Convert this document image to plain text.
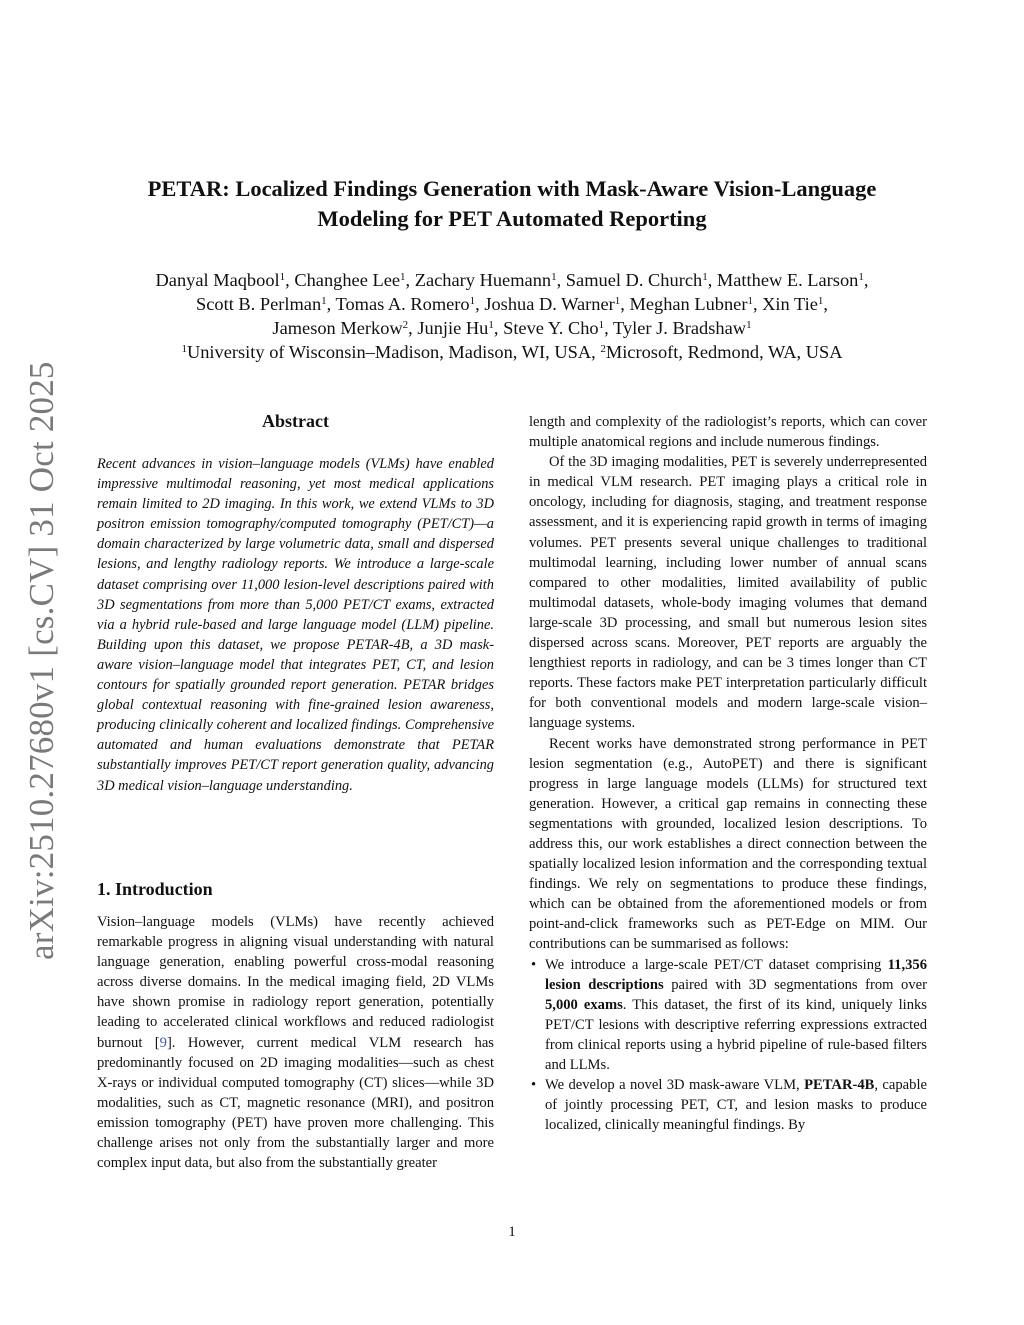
arXiv:2510.27680v1 [cs.CV] 31 Oct 2025
PETAR: Localized Findings Generation with Mask-Aware Vision-Language
Modeling for PET Automated Reporting
Danyal Maqbool$^1$, Changhee Lee$^1$, Zachary Huemann$^1$, Samuel D. Church$^1$, Matthew E. Larson$^1$,
Scott B. Perlman$^1$, Tomas A. Romero$^1$, Joshua D. Warner$^1$, Meghan Lubner$^1$, Xin Tie$^1$,
Jameson Merkow$^2$, Junjie Hu$^1$, Steve Y. Cho$^1$, Tyler J. Bradshaw$^1$
$^1$University of Wisconsin–Madison, Madison, WI, USA, $^2$Microsoft, Redmond, WA, USA
Abstract
Recent advances in vision–language models (VLMs) have enabled impressive multimodal reasoning, yet most medical applications remain limited to 2D imaging. In this work, we extend VLMs to 3D positron emission tomography/computed tomography (PET/CT)—a domain characterized by large volumetric data, small and dispersed lesions, and lengthy radiology reports. We introduce a large-scale dataset comprising over 11,000 lesion-level descriptions paired with 3D segmentations from more than 5,000 PET/CT exams, extracted via a hybrid rule-based and large language model (LLM) pipeline. Building upon this dataset, we propose PETAR-4B, a 3D mask-aware vision–language model that integrates PET, CT, and lesion contours for spatially grounded report generation. PETAR bridges global contextual reasoning with fine-grained lesion awareness, producing clinically coherent and localized findings. Comprehensive automated and human evaluations demonstrate that PETAR substantially improves PET/CT report generation quality, advancing 3D medical vision–language understanding.
1. Introduction
Vision–language models (VLMs) have recently achieved remarkable progress in aligning visual understanding with natural language generation, enabling powerful cross-modal reasoning across diverse domains. In the medical imaging field, 2D VLMs have shown promise in radiology report generation, potentially leading to accelerated clinical workflows and reduced radiologist burnout [9]. However, current medical VLM research has predominantly focused on 2D imaging modalities—such as chest X-rays or individual computed tomography (CT) slices—while 3D modalities, such as CT, magnetic resonance (MRI), and positron emission tomography (PET) have proven more challenging. This challenge arises not only from the substantially larger and more complex input data, but also from the substantially greater

length and complexity of the radiologist’s reports, which can cover multiple anatomical regions and include numerous findings.

Of the 3D imaging modalities, PET is severely underrepresented in medical VLM research. PET imaging plays a critical role in oncology, including for diagnosis, staging, and treatment response assessment, and it is experiencing rapid growth in terms of imaging volumes. PET presents several unique challenges to traditional multimodal learning, including lower number of annual scans compared to other modalities, limited availability of public multimodal datasets, whole-body imaging volumes that demand large-scale 3D processing, and small but numerous lesion sites dispersed across scans. Moreover, PET reports are arguably the lengthiest reports in radiology, and can be 3 times longer than CT reports. These factors make PET interpretation particularly difficult for both conventional models and modern large-scale vision–language systems.

Recent works have demonstrated strong performance in PET lesion segmentation (e.g., AutoPET) and there is significant progress in large language models (LLMs) for structured text generation. However, a critical gap remains in connecting these segmentations with grounded, localized lesion descriptions. To address this, our work establishes a direct connection between the spatially localized lesion information and the corresponding textual findings. We rely on segmentations to produce these findings, which can be obtained from the aforementioned models or from point-and-click frameworks such as PET-Edge on MIM. Our contributions can be summarised as follows:

• We introduce a large-scale PET/CT dataset comprising 11,356 lesion descriptions paired with 3D segmentations from over 5,000 exams. This dataset, the first of its kind, uniquely links PET/CT lesions with descriptive referring expressions extracted from clinical reports using a hybrid pipeline of rule-based filters and LLMs.
• We develop a novel 3D mask-aware VLM, PETAR-4B, capable of jointly processing PET, CT, and lesion masks to produce localized, clinically meaningful findings. By
1
